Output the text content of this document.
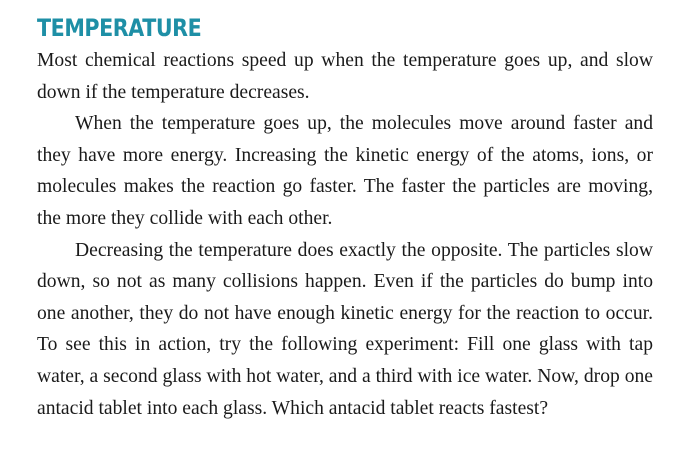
TEMPERATURE

Most chemical reactions speed up when the temperature goes up, and slow down if the temperature decreases.

When the temperature goes up, the molecules move around faster and they have more energy. Increasing the kinetic energy of the atoms, ions, or molecules makes the reaction go faster. The faster the particles are moving, the more they collide with each other.

Decreasing the temperature does exactly the opposite. The particles slow down, so not as many collisions happen. Even if the particles do bump into one another, they do not have enough kinetic energy for the reaction to occur. To see this in action, try the following experiment: Fill one glass with tap water, a second glass with hot water, and a third with ice water. Now, drop one antacid tablet into each glass. Which antacid tablet reacts fastest?
